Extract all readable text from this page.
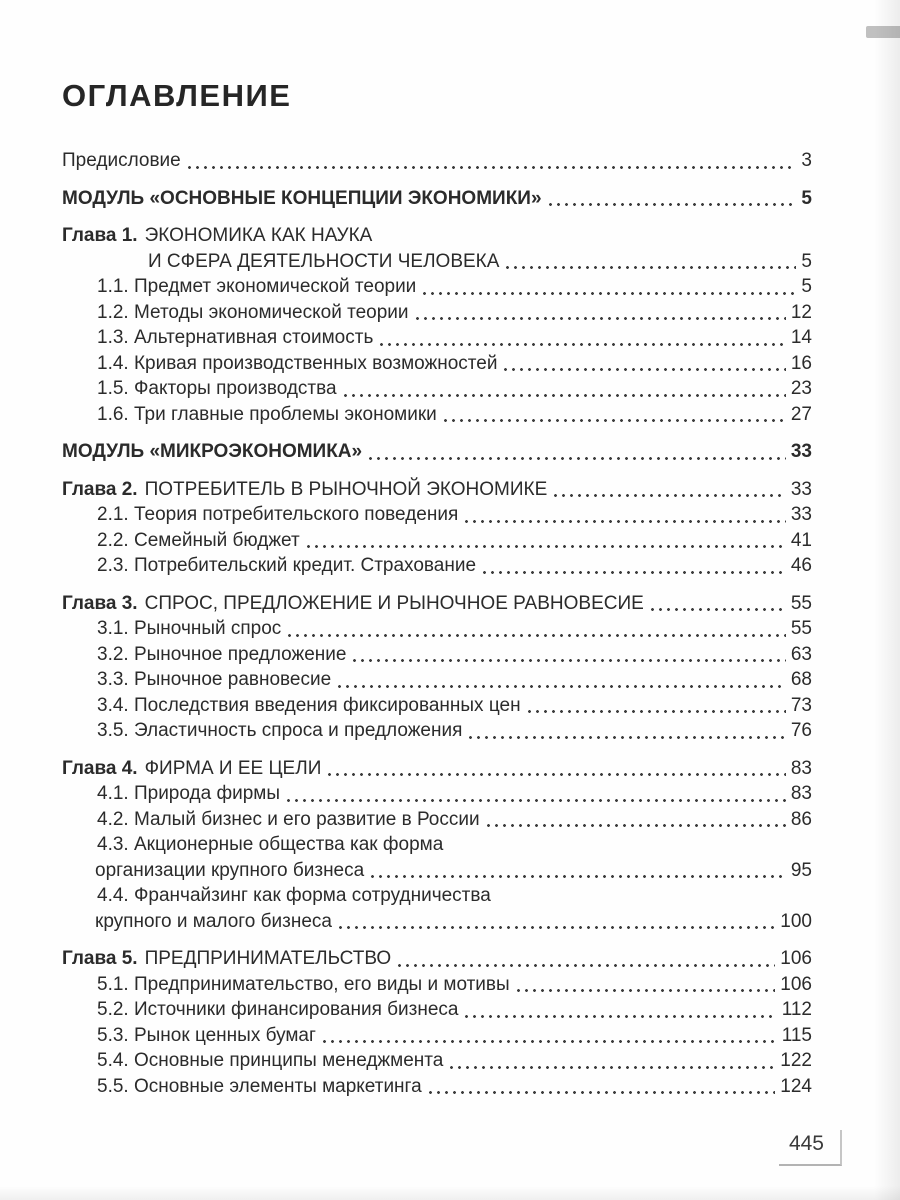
ОГЛАВЛЕНИЕ
Предисловие	3
МОДУЛЬ «ОСНОВНЫЕ КОНЦЕПЦИИ ЭКОНОМИКИ»	5
Глава 1. ЭКОНОМИКА КАК НАУКА
И СФЕРА ДЕЯТЕЛЬНОСТИ ЧЕЛОВЕКА	5
1.1. Предмет экономической теории	5
1.2. Методы экономической теории	12
1.3. Альтернативная стоимость	14
1.4. Кривая производственных возможностей	16
1.5. Факторы производства	23
1.6. Три главные проблемы экономики	27
МОДУЛЬ «МИКРОЭКОНОМИКА»	33
Глава 2. ПОТРЕБИТЕЛЬ В РЫНОЧНОЙ ЭКОНОМИКЕ	33
2.1. Теория потребительского поведения	33
2.2. Семейный бюджет	41
2.3. Потребительский кредит. Страхование	46
Глава 3. СПРОС, ПРЕДЛОЖЕНИЕ И РЫНОЧНОЕ РАВНОВЕСИЕ	55
3.1. Рыночный спрос	55
3.2. Рыночное предложение	63
3.3. Рыночное равновесие	68
3.4. Последствия введения фиксированных цен	73
3.5. Эластичность спроса и предложения	76
Глава 4. ФИРМА И ЕЕ ЦЕЛИ	83
4.1. Природа фирмы	83
4.2. Малый бизнес и его развитие в России	86
4.3. Акционерные общества как форма
организации крупного бизнеса	95
4.4. Франчайзинг как форма сотрудничества
крупного и малого бизнеса	100
Глава 5. ПРЕДПРИНИМАТЕЛЬСТВО	106
5.1. Предпринимательство, его виды и мотивы	106
5.2. Источники финансирования бизнеса	112
5.3. Рынок ценных бумаг	115
5.4. Основные принципы менеджмента	122
5.5. Основные элементы маркетинга	124
445
